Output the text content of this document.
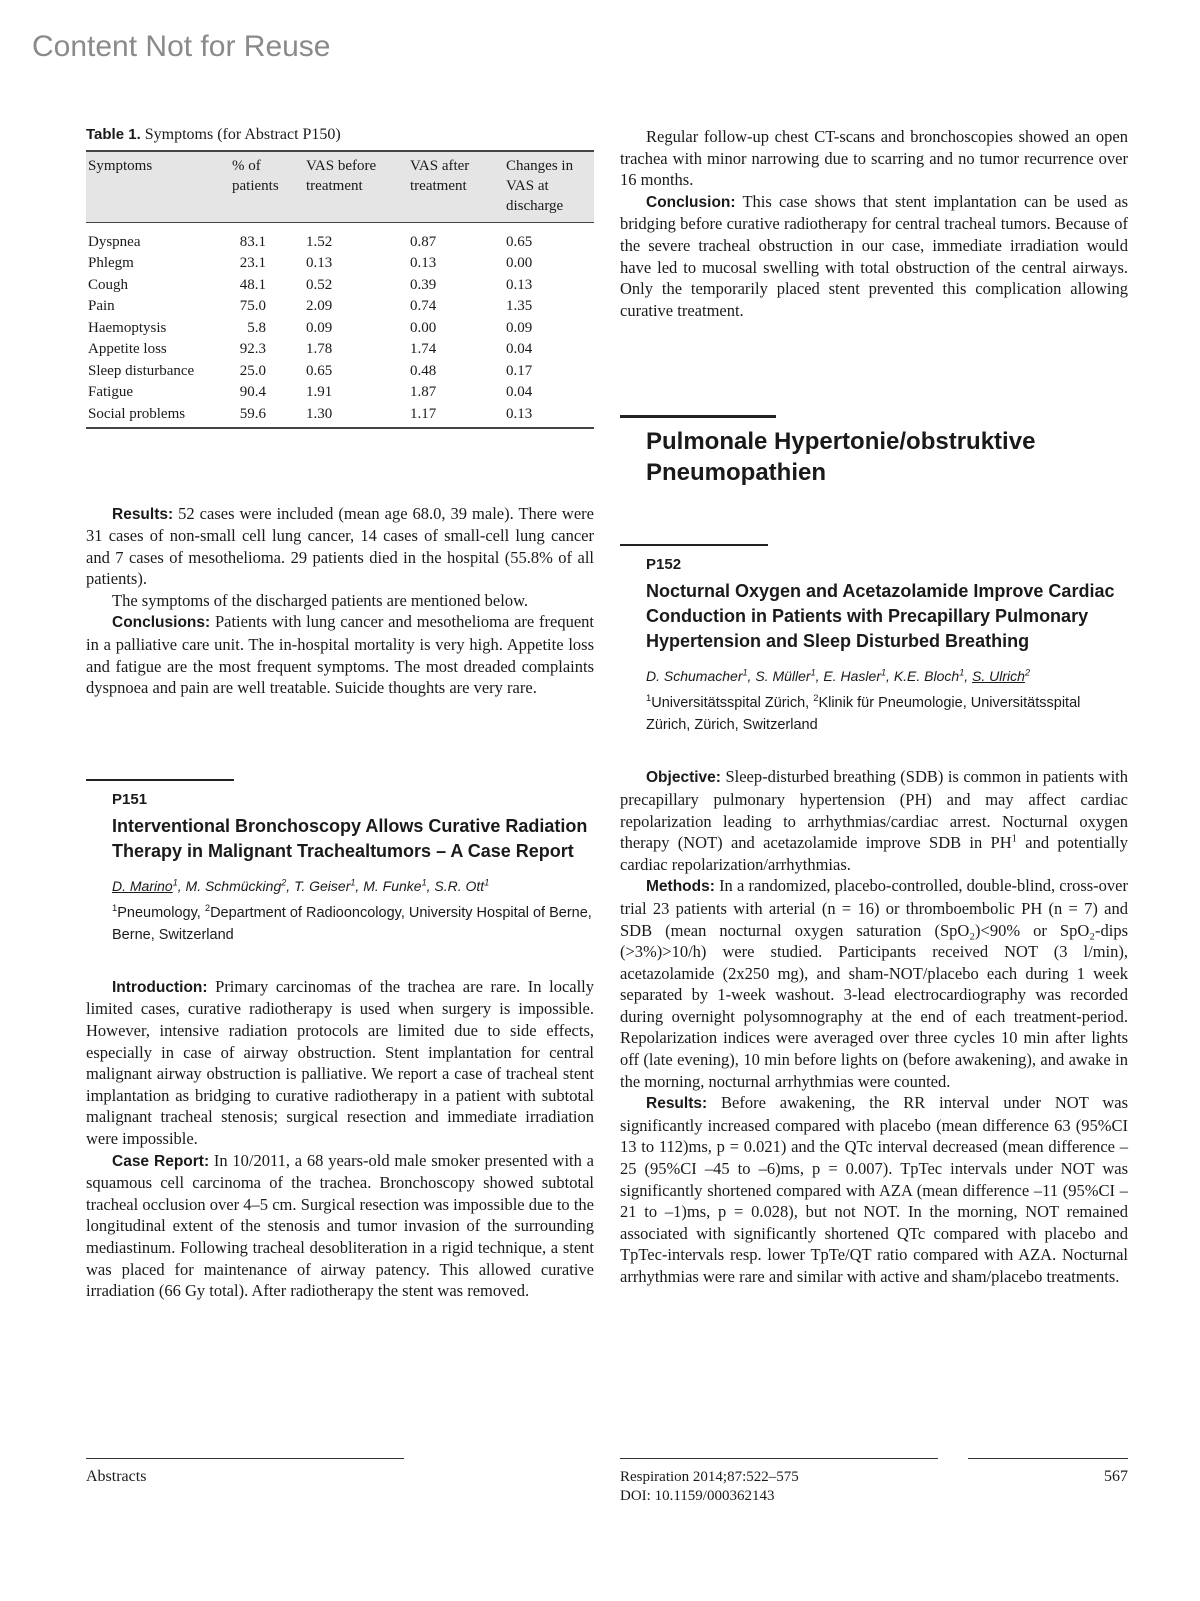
Content Not for Reuse
Table 1. Symptoms (for Abstract P150)
Symptoms	% of patients	VAS before treatment	VAS after treatment	Changes in VAS at discharge
Dyspnea	83.1	1.52	0.87	0.65
Phlegm	23.1	0.13	0.13	0.00
Cough	48.1	0.52	0.39	0.13
Pain	75.0	2.09	0.74	1.35
Haemoptysis	5.8	0.09	0.00	0.09
Appetite loss	92.3	1.78	1.74	0.04
Sleep disturbance	25.0	0.65	0.48	0.17
Fatigue	90.4	1.91	1.87	0.04
Social problems	59.6	1.30	1.17	0.13

Results: 52 cases were included (mean age 68.0, 39 male). There were 31 cases of non-small cell lung cancer, 14 cases of small-cell lung cancer and 7 cases of mesothelioma. 29 patients died in the hospital (55.8% of all patients).

The symptoms of the discharged patients are mentioned below.

Conclusions: Patients with lung cancer and mesothelioma are frequent in a palliative care unit. The in-hospital mortality is very high. Appetite loss and fatigue are the most frequent symptoms. The most dreaded complaints dyspnoea and pain are well treatable. Suicide thoughts are very rare.

P151
Interventional Bronchoscopy Allows Curative Radiation Therapy in Malignant Trachealtumors – A Case Report
D. Marino$^1$, M. Schmücking$^2$, T. Geiser$^1$, M. Funke$^1$, S.R. Ott$^1$
$^1$Pneumology, $^2$Department of Radiooncology, University Hospital of Berne, Berne, Switzerland

Introduction: Primary carcinomas of the trachea are rare. In locally limited cases, curative radiotherapy is used when surgery is impossible. However, intensive radiation protocols are limited due to side effects, especially in case of airway obstruction. Stent implantation for central malignant airway obstruction is palliative. We report a case of tracheal stent implantation as bridging to curative radiotherapy in a patient with subtotal malignant tracheal stenosis; surgical resection and immediate irradiation were impossible.

Case Report: In 10/2011, a 68 years-old male smoker presented with a squamous cell carcinoma of the trachea. Bronchoscopy showed subtotal tracheal occlusion over 4–5 cm. Surgical resection was impossible due to the longitudinal extent of the stenosis and tumor invasion of the surrounding mediastinum. Following tracheal desobliteration in a rigid technique, a stent was placed for maintenance of airway patency. This allowed curative irradiation (66 Gy total). After radiotherapy the stent was removed.

Regular follow-up chest CT-scans and bronchoscopies showed an open trachea with minor narrowing due to scarring and no tumor recurrence over 16 months.

Conclusion: This case shows that stent implantation can be used as bridging before curative radiotherapy for central tracheal tumors. Because of the severe tracheal obstruction in our case, immediate irradiation would have led to mucosal swelling with total obstruction of the central airways. Only the temporarily placed stent prevented this complication allowing curative treatment.

Pulmonale Hypertonie/obstruktive Pneumopathien
P152
Nocturnal Oxygen and Acetazolamide Improve Cardiac Conduction in Patients with Precapillary Pulmonary Hypertension and Sleep Disturbed Breathing
D. Schumacher$^1$, S. Müller$^1$, E. Hasler$^1$, K.E. Bloch$^1$, S. Ulrich$^2$
$^1$Universitätsspital Zürich, $^2$Klinik für Pneumologie, Universitätsspital Zürich, Zürich, Switzerland

Objective: Sleep-disturbed breathing (SDB) is common in patients with precapillary pulmonary hypertension (PH) and may affect cardiac repolarization leading to arrhythmias/cardiac arrest. Nocturnal oxygen therapy (NOT) and acetazolamide improve SDB in $PH^1$ and potentially cardiac repolarization/arrhythmias.

Methods: In a randomized, placebo-controlled, double-blind, cross-over trial 23 patients with arterial (n = 16) or thromboembolic PH (n = 7) and SDB (mean nocturnal oxygen saturation (SpO₂)<90% or SpO₂-dips (>3%)>10/h) were studied. Participants received NOT (3 l/min), acetazolamide (2x250 mg), and sham-NOT/placebo each during 1 week separated by 1-week washout. 3-lead electrocardiography was recorded during overnight polysomnography at the end of each treatment-period. Repolarization indices were averaged over three cycles 10 min after lights off (late evening), 10 min before lights on (before awakening), and awake in the morning, nocturnal arrhythmias were counted.

Results: Before awakening, the RR interval under NOT was significantly increased compared with placebo (mean difference 63 (95%CI 13 to 112)ms, p = 0.021) and the QTc interval decreased (mean difference –25 (95%CI –45 to –6)ms, p = 0.007). TpTec intervals under NOT was significantly shortened compared with AZA (mean difference –11 (95%CI –21 to –1)ms, p = 0.028), but not NOT. In the morning, NOT remained associated with significantly shortened QTc compared with placebo and TpTec-intervals resp. lower TpTe/QT ratio compared with AZA. Nocturnal arrhythmias were rare and similar with active and sham/placebo treatments.

Abstracts	Respiration 2014;87:522–575
DOI: 10.1159/000362143
567
